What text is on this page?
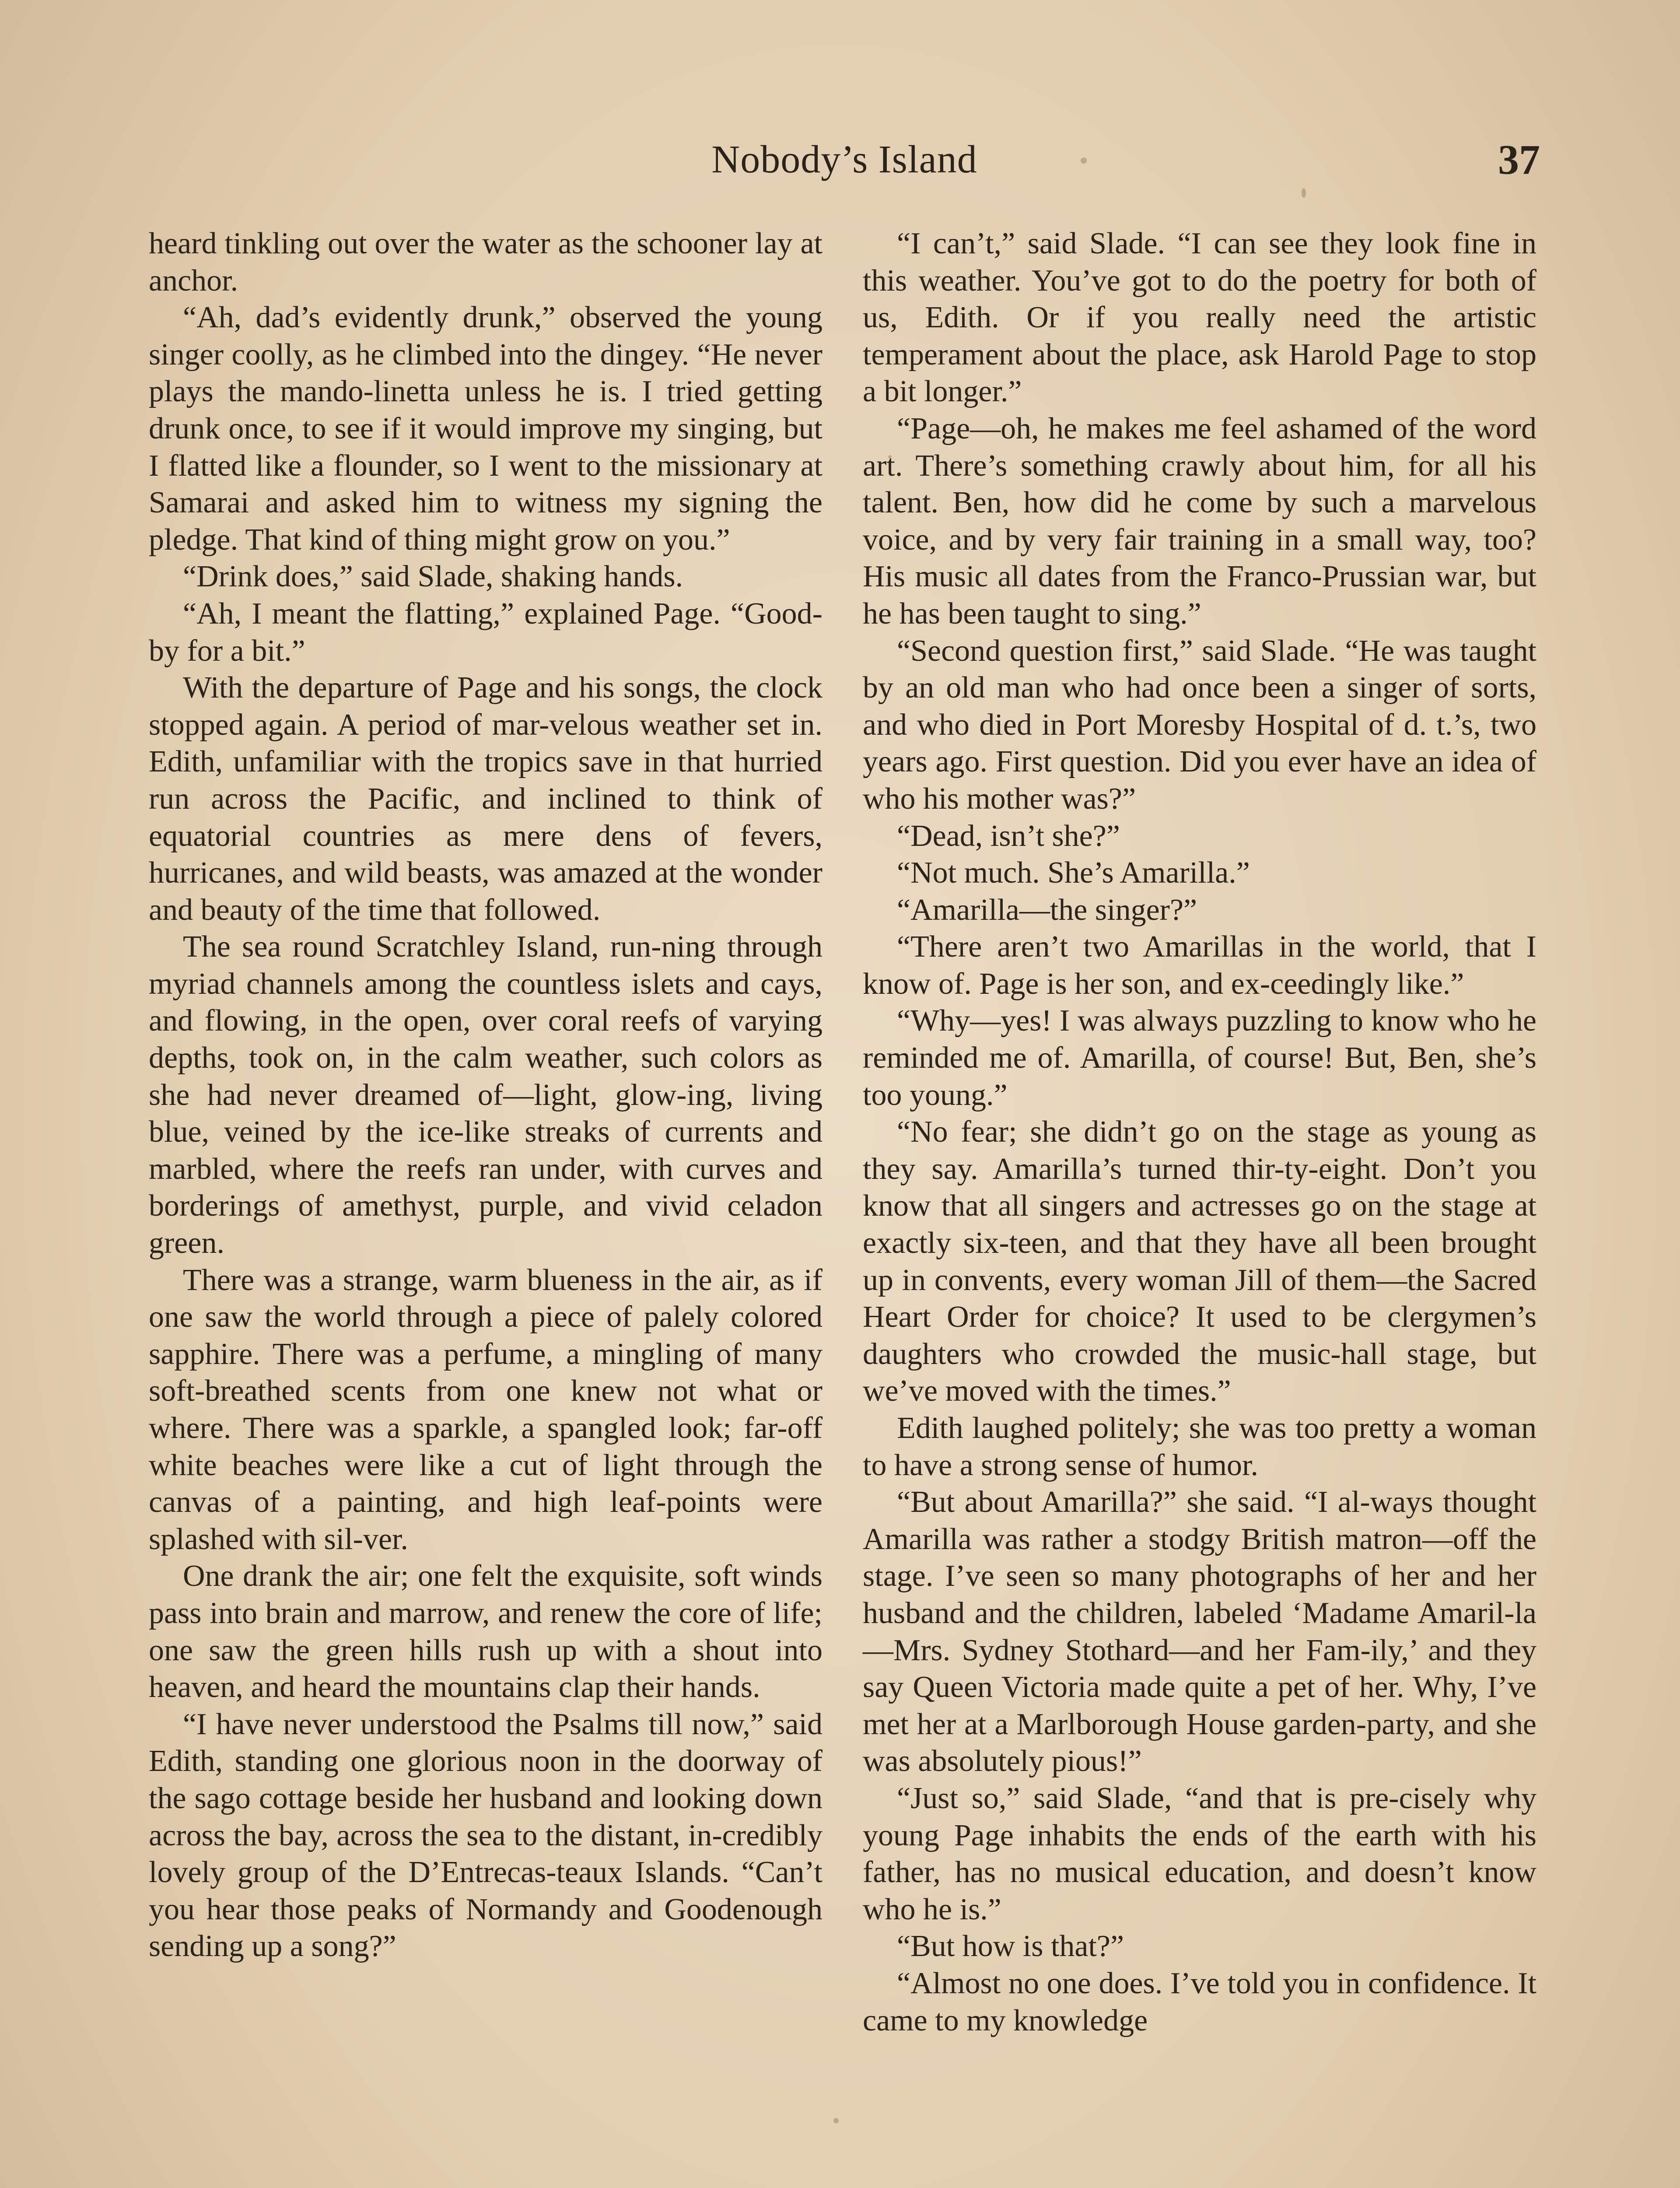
Nobody’s Island	37

heard tinkling out over the water as the schooner lay at anchor.

“Ah, dad’s evidently drunk,” observed the young singer coolly, as he climbed into the dingey. “He never plays the mando-linetta unless he is. I tried getting drunk once, to see if it would improve my singing, but I flatted like a flounder, so I went to the missionary at Samarai and asked him to witness my signing the pledge. That kind of thing might grow on you.”

“Drink does,” said Slade, shaking hands.

“Ah, I meant the flatting,” explained Page. “Good-by for a bit.”

With the departure of Page and his songs, the clock stopped again. A period of mar-velous weather set in. Edith, unfamiliar with the tropics save in that hurried run across the Pacific, and inclined to think of equatorial countries as mere dens of fevers, hurricanes, and wild beasts, was amazed at the wonder and beauty of the time that followed.

The sea round Scratchley Island, run-ning through myriad channels among the countless islets and cays, and flowing, in the open, over coral reefs of varying depths, took on, in the calm weather, such colors as she had never dreamed of—light, glow-ing, living blue, veined by the ice-like streaks of currents and marbled, where the reefs ran under, with curves and borderings of amethyst, purple, and vivid celadon green.

There was a strange, warm blueness in the air, as if one saw the world through a piece of palely colored sapphire. There was a perfume, a mingling of many soft-breathed scents from one knew not what or where. There was a sparkle, a spangled look; far-off white beaches were like a cut of light through the canvas of a painting, and high leaf-points were splashed with sil-ver.

One drank the air; one felt the exquisite, soft winds pass into brain and marrow, and renew the core of life; one saw the green hills rush up with a shout into heaven, and heard the mountains clap their hands.

“I have never understood the Psalms till now,” said Edith, standing one glorious noon in the doorway of the sago cottage beside her husband and looking down across the bay, across the sea to the distant, in-credibly lovely group of the D’Entrecas-teaux Islands. “Can’t you hear those peaks of Normandy and Goodenough sending up a song?”

“I can’t,” said Slade. “I can see they look fine in this weather. You’ve got to do the poetry for both of us, Edith. Or if you really need the artistic temperament about the place, ask Harold Page to stop a bit longer.”

“Page—oh, he makes me feel ashamed of the word art. There’s something crawly about him, for all his talent. Ben, how did he come by such a marvelous voice, and by very fair training in a small way, too? His music all dates from the Franco-Prussian war, but he has been taught to sing.”

“Second question first,” said Slade. “He was taught by an old man who had once been a singer of sorts, and who died in Port Moresby Hospital of d. t.’s, two years ago. First question. Did you ever have an idea of who his mother was?”

“Dead, isn’t she?”

“Not much. She’s Amarilla.”

“Amarilla—the singer?”

“There aren’t two Amarillas in the world, that I know of. Page is her son, and ex-ceedingly like.”

“Why—yes! I was always puzzling to know who he reminded me of. Amarilla, of course! But, Ben, she’s too young.”

“No fear; she didn’t go on the stage as young as they say. Amarilla’s turned thir-ty-eight. Don’t you know that all singers and actresses go on the stage at exactly six-teen, and that they have all been brought up in convents, every woman Jill of them—the Sacred Heart Order for choice? It used to be clergymen’s daughters who crowded the music-hall stage, but we’ve moved with the times.”

Edith laughed politely; she was too pretty a woman to have a strong sense of humor.

“But about Amarilla?” she said. “I al-ways thought Amarilla was rather a stodgy British matron—off the stage. I’ve seen so many photographs of her and her husband and the children, labeled ‘Madame Amaril-la—Mrs. Sydney Stothard—and her Fam-ily,’ and they say Queen Victoria made quite a pet of her. Why, I’ve met her at a Marlborough House garden-party, and she was absolutely pious!”

“Just so,” said Slade, “and that is pre-cisely why young Page inhabits the ends of the earth with his father, has no musical education, and doesn’t know who he is.”

“But how is that?”

“Almost no one does. I’ve told you in confidence. It came to my knowledge
